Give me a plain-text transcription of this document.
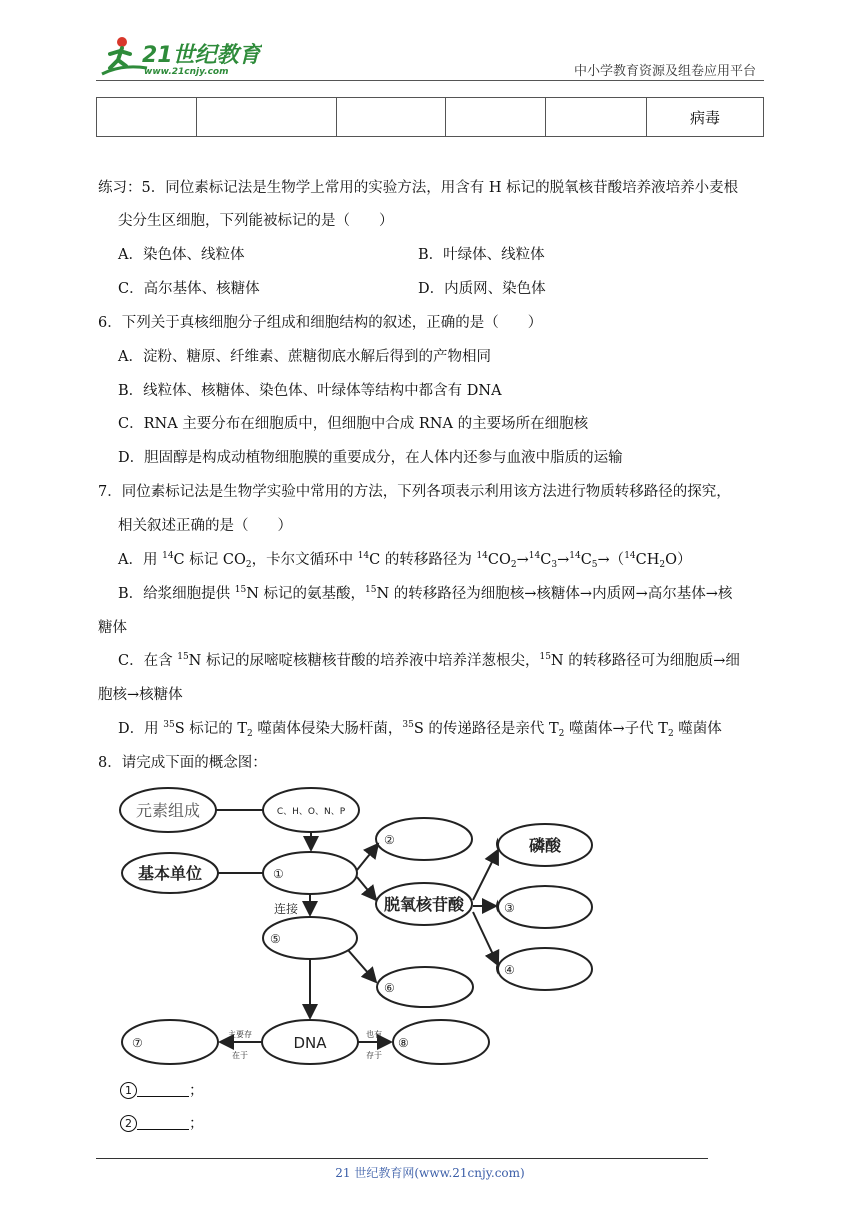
21世纪教育
www.21cnjy.com	中小学教育资源及组卷应用平台
					病毒
练习：5．同位素标记法是生物学上常用的实验方法，用含有 H 标记的脱氧核苷酸培养液培养小麦根
尖分生区细胞，下列能被标记的是（　　）
A．染色体、线粒体	B．叶绿体、线粒体
C．高尔基体、核糖体	D．内质网、染色体
6．下列关于真核细胞分子组成和细胞结构的叙述，正确的是（　　）
A．淀粉、糖原、纤维素、蔗糖彻底水解后得到的产物相同
B．线粒体、核糖体、染色体、叶绿体等结构中都含有 DNA
C．RNA 主要分布在细胞质中，但细胞中合成 RNA 的主要场所在细胞核
D．胆固醇是构成动植物细胞膜的重要成分，在人体内还参与血液中脂质的运输
7．同位素标记法是生物学实验中常用的方法，下列各项表示利用该方法进行物质转移路径的探究，
相关叙述正确的是（　　）
A．用 $^{14}$C 标记 $CO_2$，卡尔文循环中 $^{14}$C 的转移路径为 $^{14}CO_2\to^{14}C_3\to^{14}C_5\to(^{14}CH_2O)$
B．给浆细胞提供 $^{15}$N 标记的氨基酸，$^{15}$N 的转移路径为细胞核→核糖体→内质网→高尔基体→核
糖体
C．在含 $^{15}$N 标记的尿嘧啶核糖核苷酸的培养液中培养洋葱根尖，$^{15}$N 的转移路径可为细胞质→细
胞核→核糖体
D．用 $^{35}$S 标记的 $T_2$ 噬菌体侵染大肠杆菌，$^{35}$S 的传递路径是亲代 $T_2$ 噬菌体→子代 $T_2$ 噬菌体
8．请完成下面的概念图：
元素组成	C、H、O、N、P
基本单位	①
②
脱氧核苷酸
连接
⑤
⑥
DNA
⑦	⑧
主要存
在于
也有
存于
磷酸
③
④
1	；
2	；
21 世纪教育网(www.21cnjy.com)
